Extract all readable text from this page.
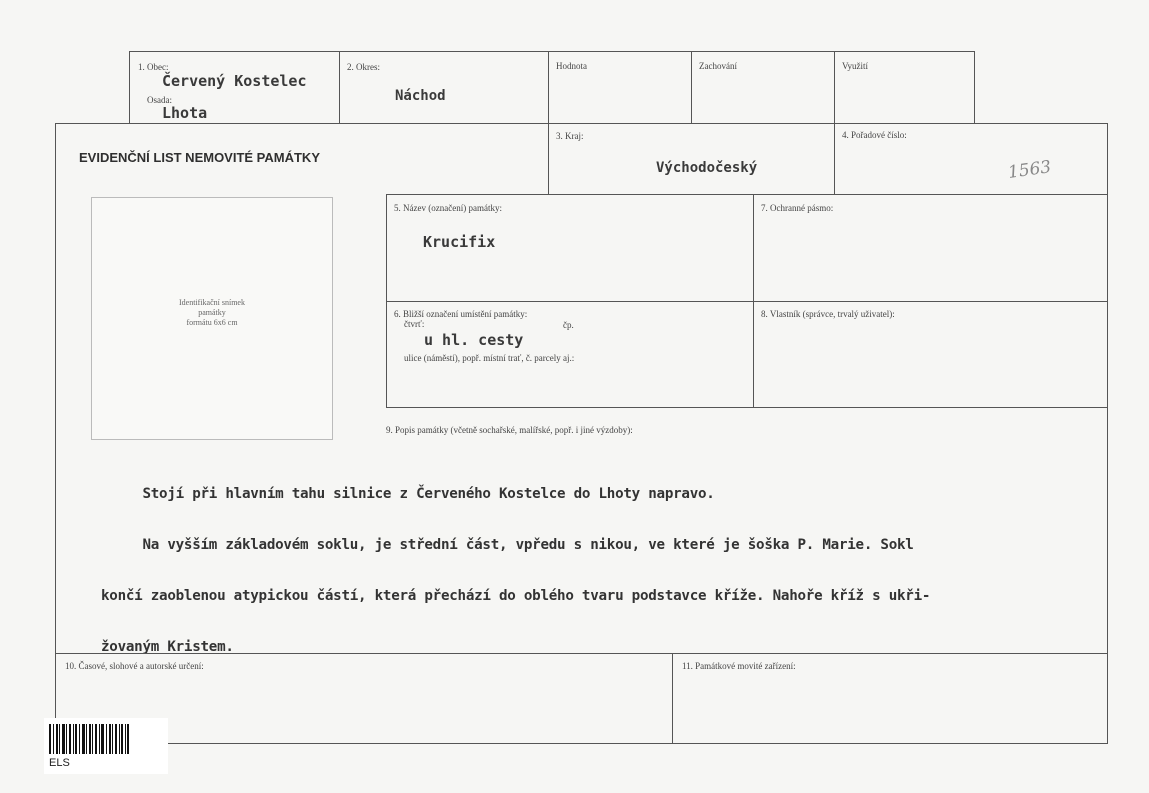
1. Obec:
Červený Kostelec
Osada:
Lhota
2. Okres:
Náchod
Hodnota	Zachování	Využití
EVIDENČNÍ LIST NEMOVITÉ PAMÁTKY
3. Kraj:
Východočeský
4. Pořadové číslo:
1563
Identifikační snímek
památky
formátu 6x6 cm
5. Název (označení) památky:
Krucifix
7. Ochranné pásmo:
6. Bližší označení umístění památky:
čtvrť:	čp.
u hl. cesty
ulice (náměstí), popř. místní trať, č. parcely aj.:
8. Vlastník (správce, trvalý uživatel):
9. Popis památky (včetně sochařské, malířské, popř. i jiné výzdoby):

Stojí při hlavním tahu silnice z Červeného Kostelce do Lhoty napravo.

Na vyšším základovém soklu, je střední část, vpředu s nikou, ve které je šoška P. Marie. Sokl

končí zaoblenou atypickou částí, která přechází do oblého tvaru podstavce kříže. Nahoře kříž s ukři-

žovaným Kristem.

10. Časové, slohové a autorské určení:	11. Památkové movité zařízení:
ELS
